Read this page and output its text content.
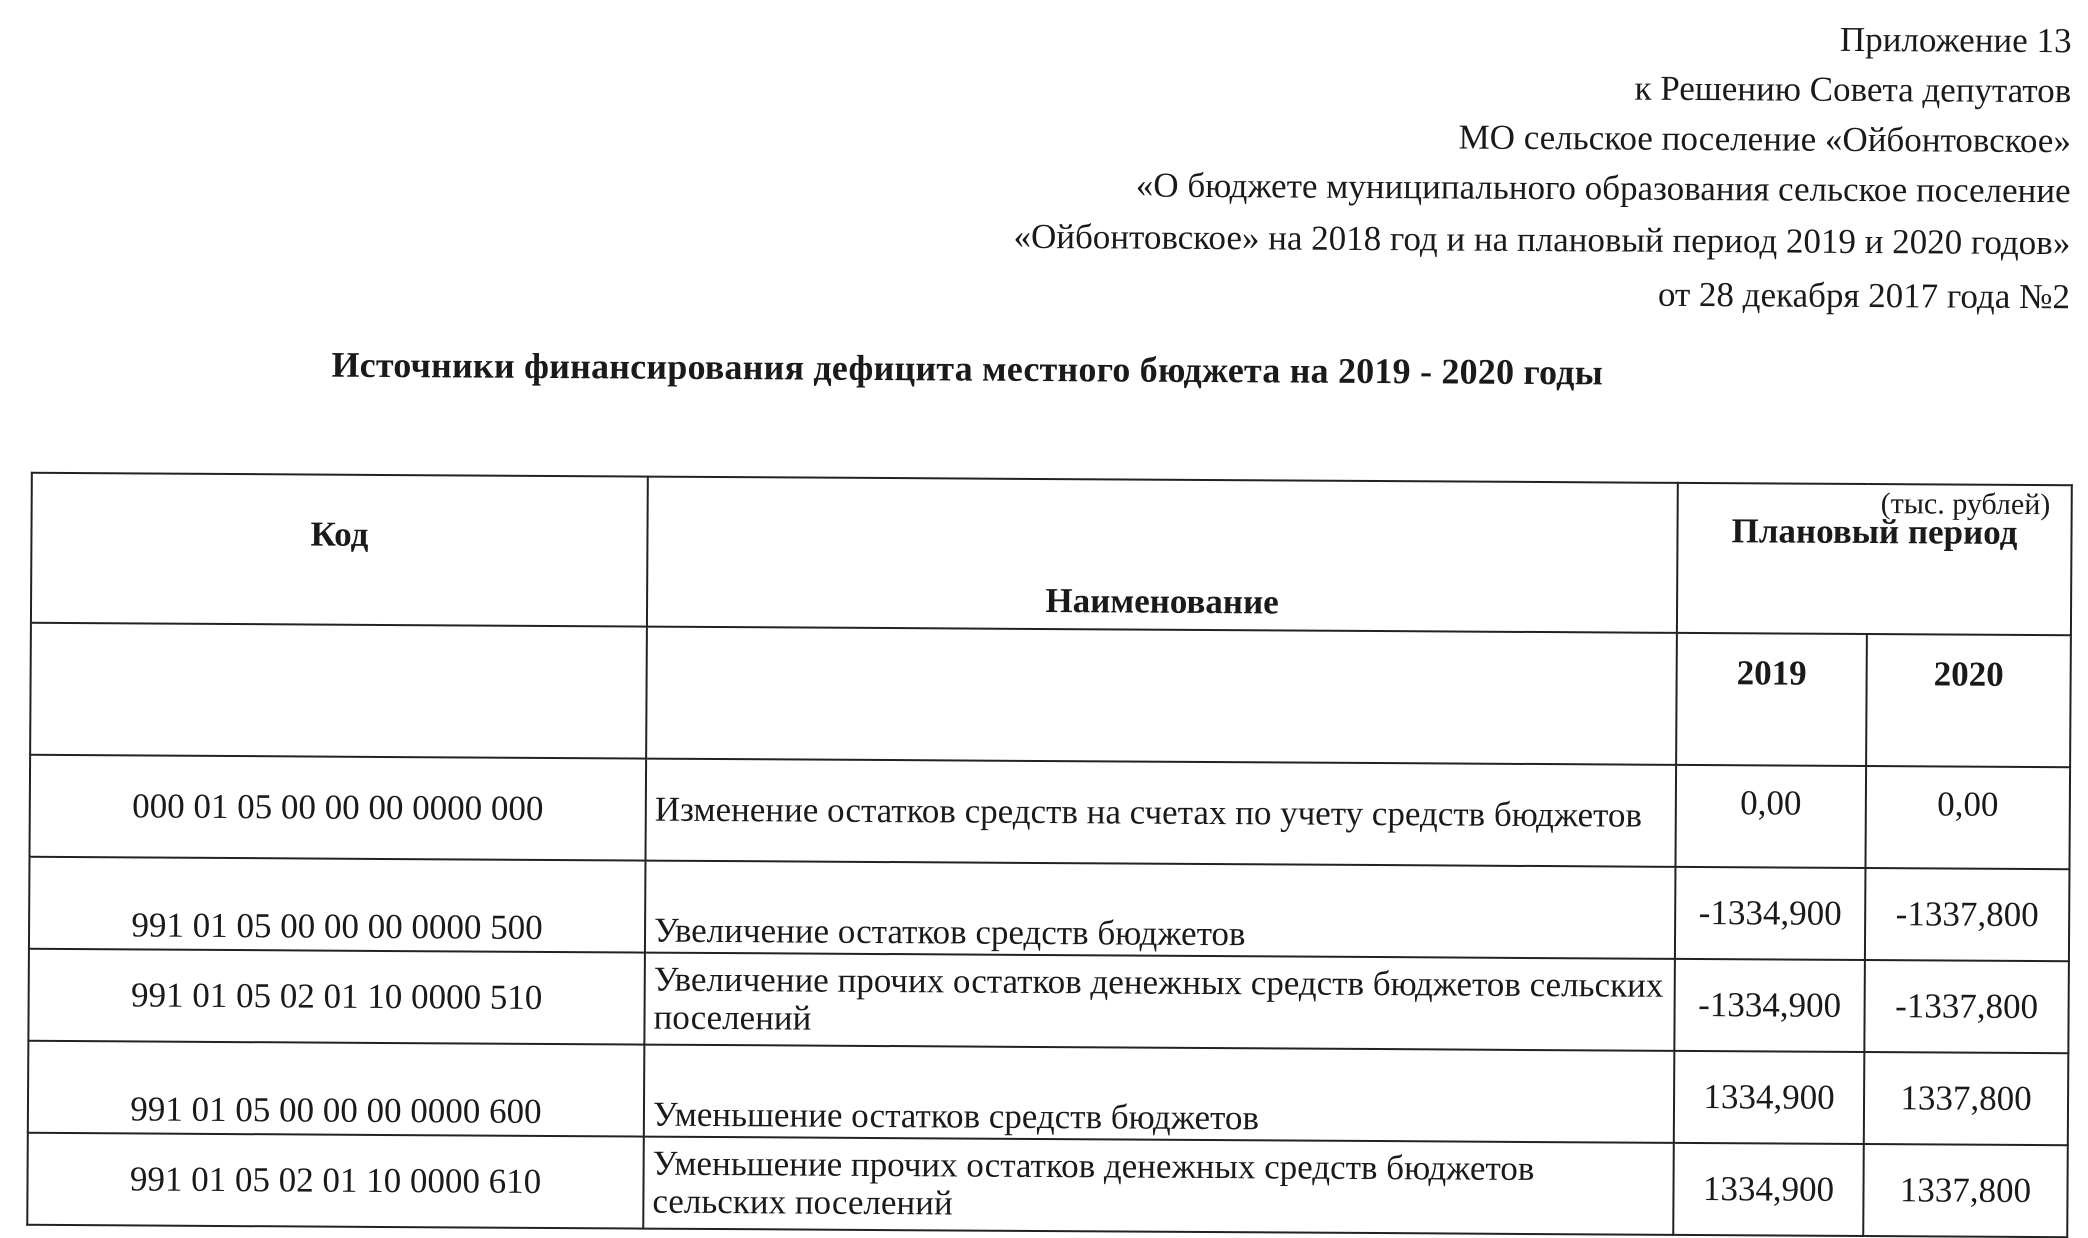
Приложение 13
к Решению Совета депутатов
МО сельское поселение «Ойбонтовское»
«О бюджете муниципального образования сельское поселение
«Ойбонтовское» на 2018 год и на плановый период 2019 и 2020 годов»
от 28 декабря 2017 года №2
Источники финансирования дефицита местного бюджета на 2019 - 2020 годы
Код	Наименование	Плановый период	
		2019	2020
000 01 05 00 00 00 0000 000	Изменение остатков средств на счетах по учету средств бюджетов	0,00	0,00
991 01 05 00 00 00 0000 500	Увеличение остатков средств бюджетов	-1334,900	-1337,800
991 01 05 02 01 10 0000 510	Увеличение прочих остатков денежных средств бюджетов сельских поселений	-1334,900	-1337,800
991 01 05 00 00 00 0000 600	Уменьшение остатков средств бюджетов	1334,900	1337,800
991 01 05 02 01 10 0000 610	Уменьшение прочих остатков денежных средств бюджетов сельских поселений	1334,900	1337,800
(тыс. рублей)
